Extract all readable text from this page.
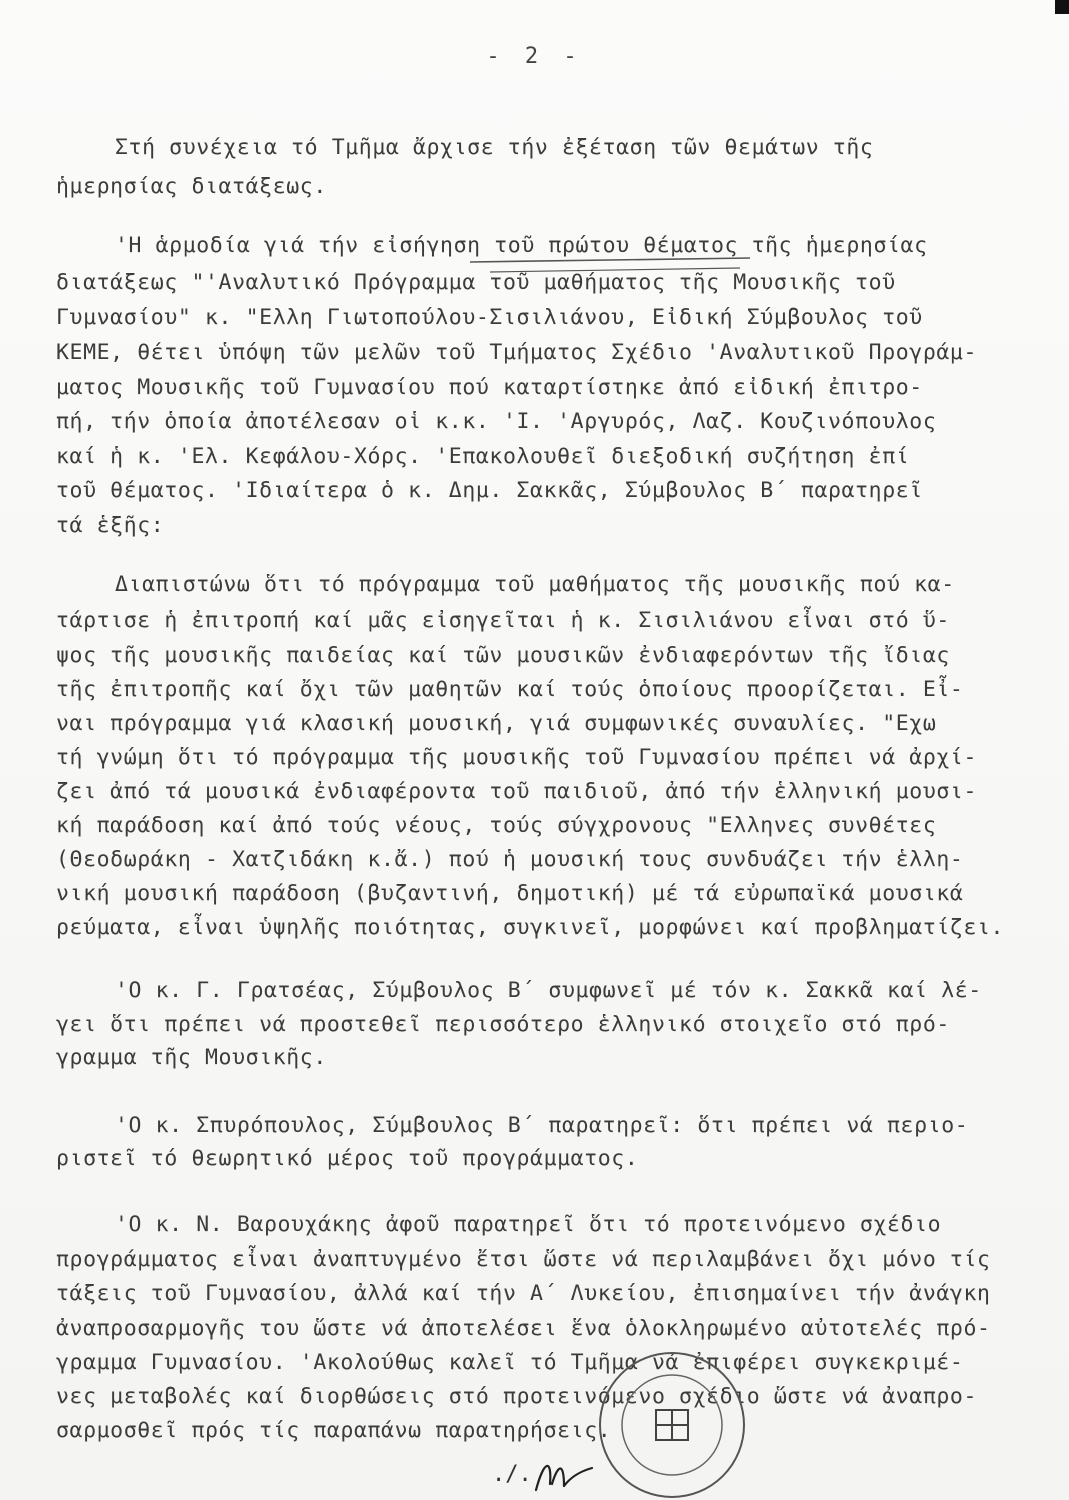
- 2 -
Στή συνέχεια τό Τμῆμα ἄρχισε τήν ἐξέταση τῶν θεμάτων τῆς
ἡμερησίας διατάξεως.
'Η ἁρμοδία γιά τήν εἰσήγηση τοῦ πρώτου θέματος τῆς ἡμερησίας
διατάξεως "'Αναλυτικό Πρόγραμμα τοῦ μαθήματος τῆς Μουσικῆς τοῦ
Γυμνασίου" κ. "Ελλη Γιωτοπούλου-Σισιλιάνου, Εἰδική Σύμβουλος τοῦ
ΚΕΜΕ, θέτει ὑπόψη τῶν μελῶν τοῦ Τμήματος Σχέδιο 'Αναλυτικοῦ Προγράμ-
ματος Μουσικῆς τοῦ Γυμνασίου πού καταρτίστηκε ἀπό εἰδική ἐπιτρο-
πή, τήν ὁποία ἀποτέλεσαν οἱ κ.κ. 'Ι. 'Αργυρός, Λαζ. Κουζινόπουλος
καί ἡ κ. 'Ελ. Κεφάλου-Χόρς. 'Επακολουθεῖ διεξοδική συζήτηση ἐπί
τοῦ θέματος. 'Ιδιαίτερα ὁ κ. Δημ. Σακκᾶς, Σύμβουλος Β΄ παρατηρεῖ
τά ἑξῆς:
Διαπιστώνω ὅτι τό πρόγραμμα τοῦ μαθήματος τῆς μουσικῆς πού κα-
τάρτισε ἡ ἐπιτροπή καί μᾶς εἰσηγεῖται ἡ κ. Σισιλιάνου εἶναι στό ὕ-
ψος τῆς μουσικῆς παιδείας καί τῶν μουσικῶν ἐνδιαφερόντων τῆς ἴδιας
τῆς ἐπιτροπῆς καί ὄχι τῶν μαθητῶν καί τούς ὁποίους προορίζεται. Εἶ-
ναι πρόγραμμα γιά κλασική μουσική, γιά συμφωνικές συναυλίες. "Εχω
τή γνώμη ὅτι τό πρόγραμμα τῆς μουσικῆς τοῦ Γυμνασίου πρέπει νά ἀρχί-
ζει ἀπό τά μουσικά ἐνδιαφέροντα τοῦ παιδιοῦ, ἀπό τήν ἑλληνική μουσι-
κή παράδοση καί ἀπό τούς νέους, τούς σύγχρονους "Ελληνες συνθέτες
(Θεοδωράκη - Χατζιδάκη κ.ἄ.) πού ἡ μουσική τους συνδυάζει τήν ἑλλη-
νική μουσική παράδοση (βυζαντινή, δημοτική) μέ τά εὐρωπαϊκά μουσικά
ρεύματα, εἶναι ὑψηλῆς ποιότητας, συγκινεῖ, μορφώνει καί προβληματίζει.
'Ο κ. Γ. Γρατσέας, Σύμβουλος Β΄ συμφωνεῖ μέ τόν κ. Σακκᾶ καί λέ-
γει ὅτι πρέπει νά προστεθεῖ περισσότερο ἑλληνικό στοιχεῖο στό πρό-
γραμμα τῆς Μουσικῆς.
'Ο κ. Σπυρόπουλος, Σύμβουλος Β΄ παρατηρεῖ: ὅτι πρέπει νά περιο-
ριστεῖ τό θεωρητικό μέρος τοῦ προγράμματος.
'Ο κ. Ν. Βαρουχάκης ἀφοῦ παρατηρεῖ ὅτι τό προτεινόμενο σχέδιο
προγράμματος εἶναι ἀναπτυγμένο ἔτσι ὥστε νά περιλαμβάνει ὄχι μόνο τίς
τάξεις τοῦ Γυμνασίου, ἀλλά καί τήν Α΄ Λυκείου, ἐπισημαίνει τήν ἀνάγκη
ἀναπροσαρμογῆς του ὥστε νά ἀποτελέσει ἕνα ὁλοκληρωμένο αὐτοτελές πρό-
γραμμα Γυμνασίου. 'Ακολούθως καλεῖ τό Τμῆμα νά ἐπιφέρει συγκεκριμέ-
νες μεταβολές καί διορθώσεις στό προτεινόμενο σχέδιο ὥστε νά ἀναπρο-
σαρμοσθεῖ πρός τίς παραπάνω παρατηρήσεις.
./.
